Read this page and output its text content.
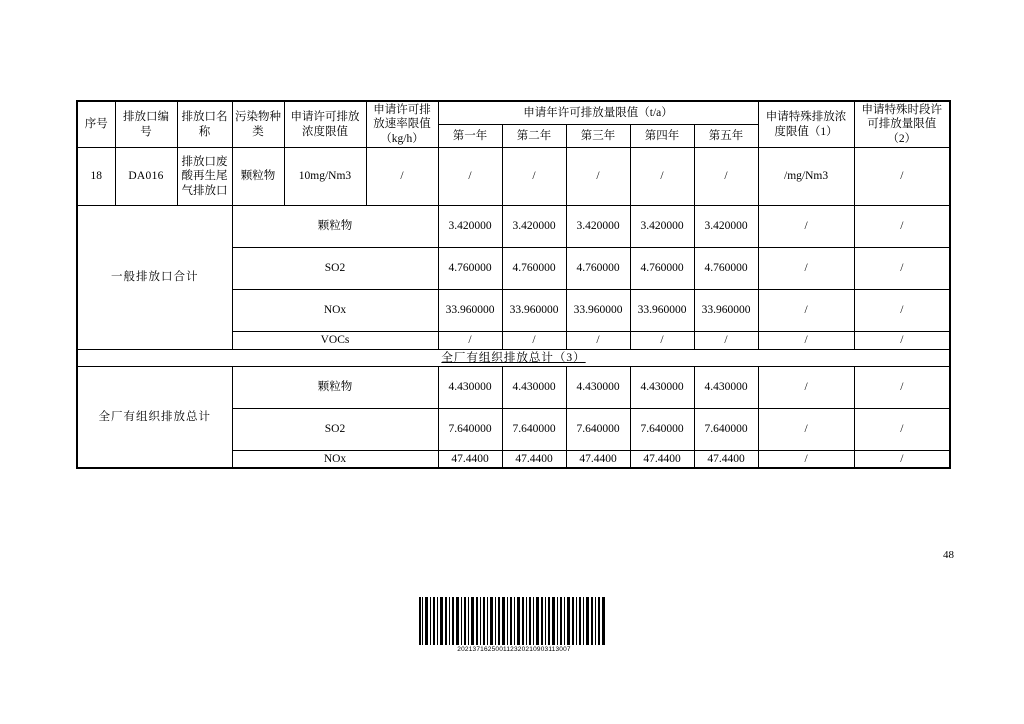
序号	排放口编号	排放口名称	污染物种类	申请许可排放浓度限值	申请许可排放速率限值（kg/h）	申请年许可排放量限值（t/a）					申请特殊排放浓度限值（1）	申请特殊时段许可排放量限值（2）
						第一年	第二年	第三年	第四年	第五年		
18	DA016	排放口废酸再生尾气排放口	颗粒物	10mg/Nm3	/	/	/	/	/	/	/mg/Nm3	/
一般排放口合计			颗粒物			3.420000	3.420000	3.420000	3.420000	3.420000	/	/
			SO2			4.760000	4.760000	4.760000	4.760000	4.760000	/	/
			NOx			33.960000	33.960000	33.960000	33.960000	33.960000	/	/
			VOCs			/	/	/	/	/	/	/
全厂有组织排放总计（3）												
全厂有组织排放总计			颗粒物			4.430000	4.430000	4.430000	4.430000	4.430000	/	/
			SO2			7.640000	7.640000	7.640000	7.640000	7.640000	/	/
			NOx			47.4400	47.4400	47.4400	47.4400	47.4400	/	/
48
202137162500112320210903113007
